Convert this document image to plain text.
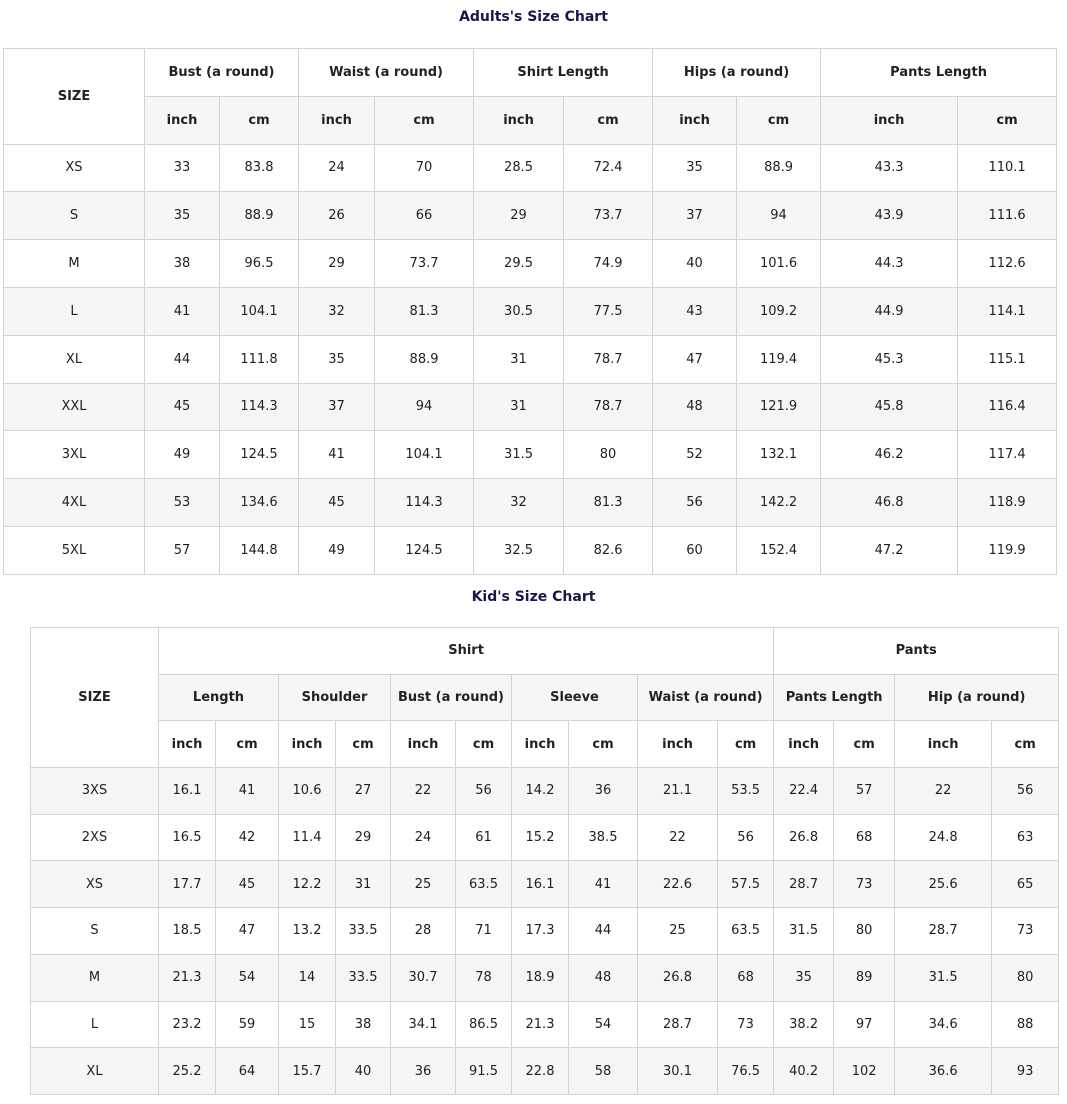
Adults's Size Chart
SIZE	Bust (a round)		Waist (a round)		Shirt Length		Hips (a round)		Pants Length	
	inch	cm	inch	cm	inch	cm	inch	cm	inch	cm
XS	33	83.8	24	70	28.5	72.4	35	88.9	43.3	110.1
S	35	88.9	26	66	29	73.7	37	94	43.9	111.6
M	38	96.5	29	73.7	29.5	74.9	40	101.6	44.3	112.6
L	41	104.1	32	81.3	30.5	77.5	43	109.2	44.9	114.1
XL	44	111.8	35	88.9	31	78.7	47	119.4	45.3	115.1
XXL	45	114.3	37	94	31	78.7	48	121.9	45.8	116.4
3XL	49	124.5	41	104.1	31.5	80	52	132.1	46.2	117.4
4XL	53	134.6	45	114.3	32	81.3	56	142.2	46.8	118.9
5XL	57	144.8	49	124.5	32.5	82.6	60	152.4	47.2	119.9
Kid's Size Chart
SIZE	Shirt										Pants			
	Length		Shoulder		Bust (a round)		Sleeve		Waist (a round)		Pants Length		Hip (a round)	
	inch	cm	inch	cm	inch	cm	inch	cm	inch	cm	inch	cm	inch	cm
3XS	16.1	41	10.6	27	22	56	14.2	36	21.1	53.5	22.4	57	22	56
2XS	16.5	42	11.4	29	24	61	15.2	38.5	22	56	26.8	68	24.8	63
XS	17.7	45	12.2	31	25	63.5	16.1	41	22.6	57.5	28.7	73	25.6	65
S	18.5	47	13.2	33.5	28	71	17.3	44	25	63.5	31.5	80	28.7	73
M	21.3	54	14	33.5	30.7	78	18.9	48	26.8	68	35	89	31.5	80
L	23.2	59	15	38	34.1	86.5	21.3	54	28.7	73	38.2	97	34.6	88
XL	25.2	64	15.7	40	36	91.5	22.8	58	30.1	76.5	40.2	102	36.6	93
